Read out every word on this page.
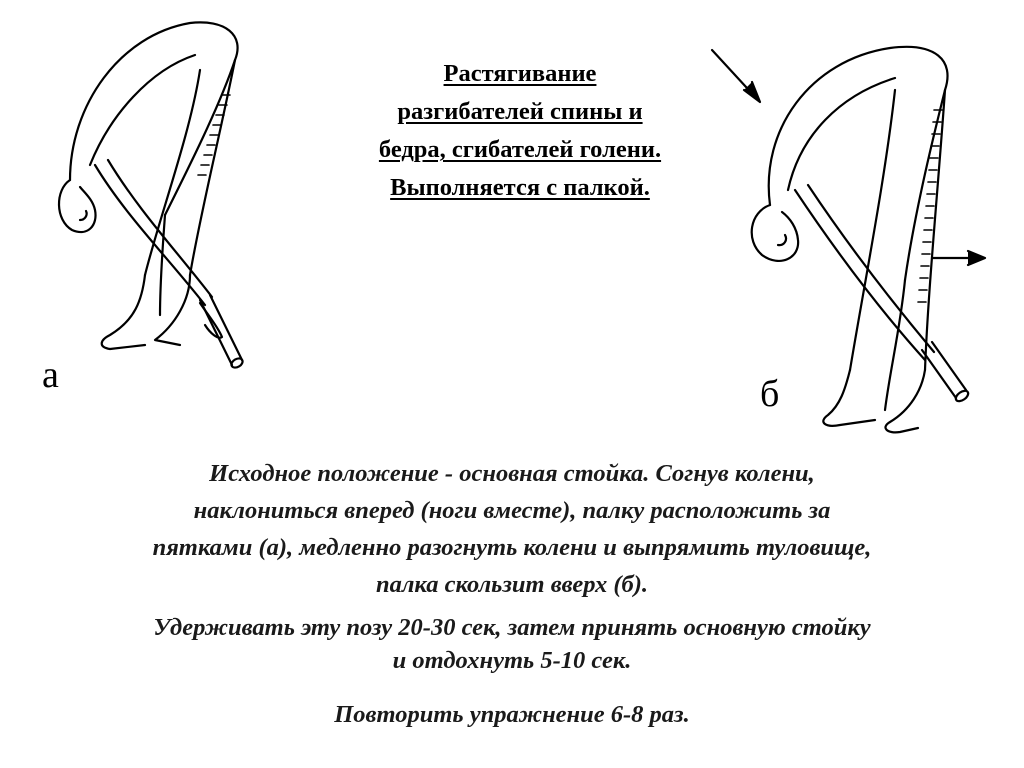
а	б
Растягивание
разгибателей спины и
бедра, сгибателей голени.
Выполняется с палкой.

Исходное положение - основная стойка. Согнув колени,
наклониться вперед (ноги вместе), палку расположить за
пятками (а), медленно разогнуть колени и выпрямить туловище,
палка скользит вверх (б).

Удерживать эту позу 20-30 сек, затем принять основную стойку
и отдохнуть 5-10 сек.

Повторить упражнение 6-8 раз.
